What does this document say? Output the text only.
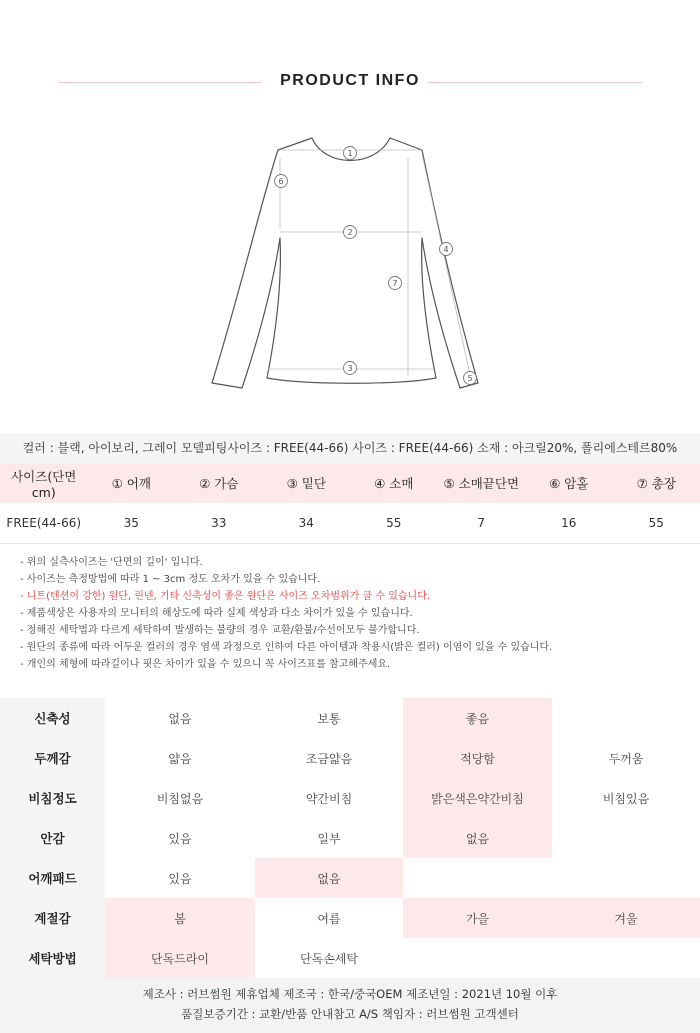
PRODUCT INFO
1
2
3
4
5
6
7
컬러 : 블랙, 아이보리, 그레이 모델피팅사이즈 : FREE(44-66) 사이즈 : FREE(44-66) 소재 : 아크릴20%, 폴리에스테르80%
사이즈(단면cm)	① 어깨	② 가슴	③ 밑단	④ 소매	⑤ 소매끝단면	⑥ 암홀	⑦ 총장
FREE(44-66)	35	33	34	55	7	16	55
- 위의 실측사이즈는 '단면의 길이' 입니다.
- 사이즈는 측정방법에 따라 1 ~ 3cm 정도 오차가 있을 수 있습니다.
- 니트(텐션이 강한) 원단, 린넨, 기타 신축성이 좋은 원단은 사이즈 오차범위가 클 수 있습니다.
- 제품색상은 사용자의 모니터의 해상도에 따라 실제 색상과 다소 차이가 있을 수 있습니다.
- 정해진 세탁법과 다르게 세탁하여 발생하는 불량의 경우 교환/환불/수선이모두 불가합니다.
- 원단의 종류에 따라 어두운 컬러의 경우 염색 과정으로 인하여 다른 아이템과 착용시(밝은 컬러) 이염이 있을 수 있습니다.
- 개인의 체형에 따라길이나 핏은 차이가 있을 수 있으니 꼭 사이즈표를 참고해주세요.
신축성	없음	보통	좋음	
두께감	얇음	조금얇음	적당함	두꺼움
비침정도	비침없음	약간비침	밝은색은약간비침	비침있음
안감	있음	일부	없음	
어깨패드	있음	없음		
계절감	봄	여름	가을	겨울
세탁방법	단독드라이	단독손세탁		
제조사 : 러브썸원 제휴업체 제조국 : 한국/중국OEM 제조년일 : 2021년 10월 이후
품질보증기간 : 교환/반품 안내참고 A/S 책임자 : 러브썸원 고객센터
